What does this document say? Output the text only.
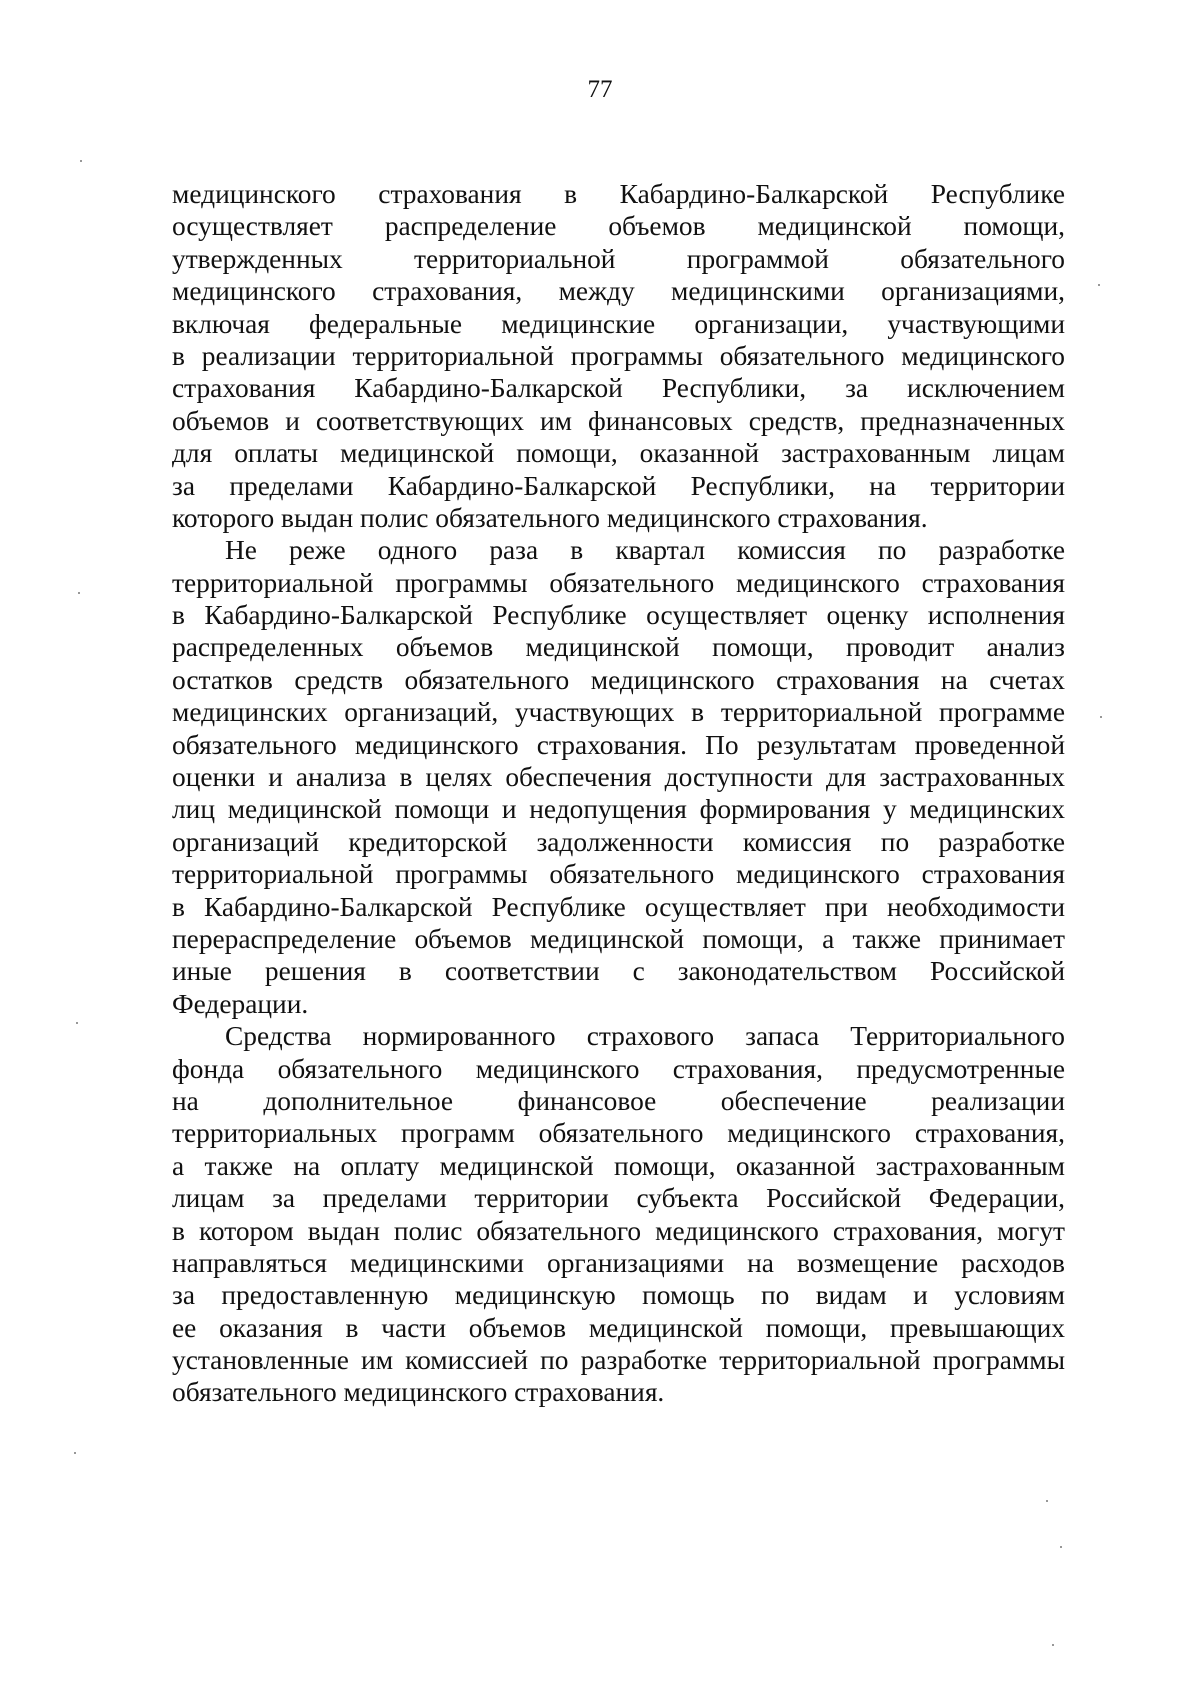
77
медицинского страхования в Кабардино-Балкарской Республике
осуществляет распределение объемов медицинской помощи,
утвержденных территориальной программой обязательного
медицинского страхования, между медицинскими организациями,
включая федеральные медицинские организации, участвующими
в реализации территориальной программы обязательного медицинского
страхования Кабардино-Балкарской Республики, за исключением
объемов и соответствующих им финансовых средств, предназначенных
для оплаты медицинской помощи, оказанной застрахованным лицам
за пределами Кабардино-Балкарской Республики, на территории
которого выдан полис обязательного медицинского страхования.
Не реже одного раза в квартал комиссия по разработке
территориальной программы обязательного медицинского страхования
в Кабардино-Балкарской Республике осуществляет оценку исполнения
распределенных объемов медицинской помощи, проводит анализ
остатков средств обязательного медицинского страхования на счетах
медицинских организаций, участвующих в территориальной программе
обязательного медицинского страхования. По результатам проведенной
оценки и анализа в целях обеспечения доступности для застрахованных
лиц медицинской помощи и недопущения формирования у медицинских
организаций кредиторской задолженности комиссия по разработке
территориальной программы обязательного медицинского страхования
в Кабардино-Балкарской Республике осуществляет при необходимости
перераспределение объемов медицинской помощи, а также принимает
иные решения в соответствии с законодательством Российской
Федерации.
Средства нормированного страхового запаса Территориального
фонда обязательного медицинского страхования, предусмотренные
на дополнительное финансовое обеспечение реализации
территориальных программ обязательного медицинского страхования,
а также на оплату медицинской помощи, оказанной застрахованным
лицам за пределами территории субъекта Российской Федерации,
в котором выдан полис обязательного медицинского страхования, могут
направляться медицинскими организациями на возмещение расходов
за предоставленную медицинскую помощь по видам и условиям
ее оказания в части объемов медицинской помощи, превышающих
установленные им комиссией по разработке территориальной программы
обязательного медицинского страхования.
